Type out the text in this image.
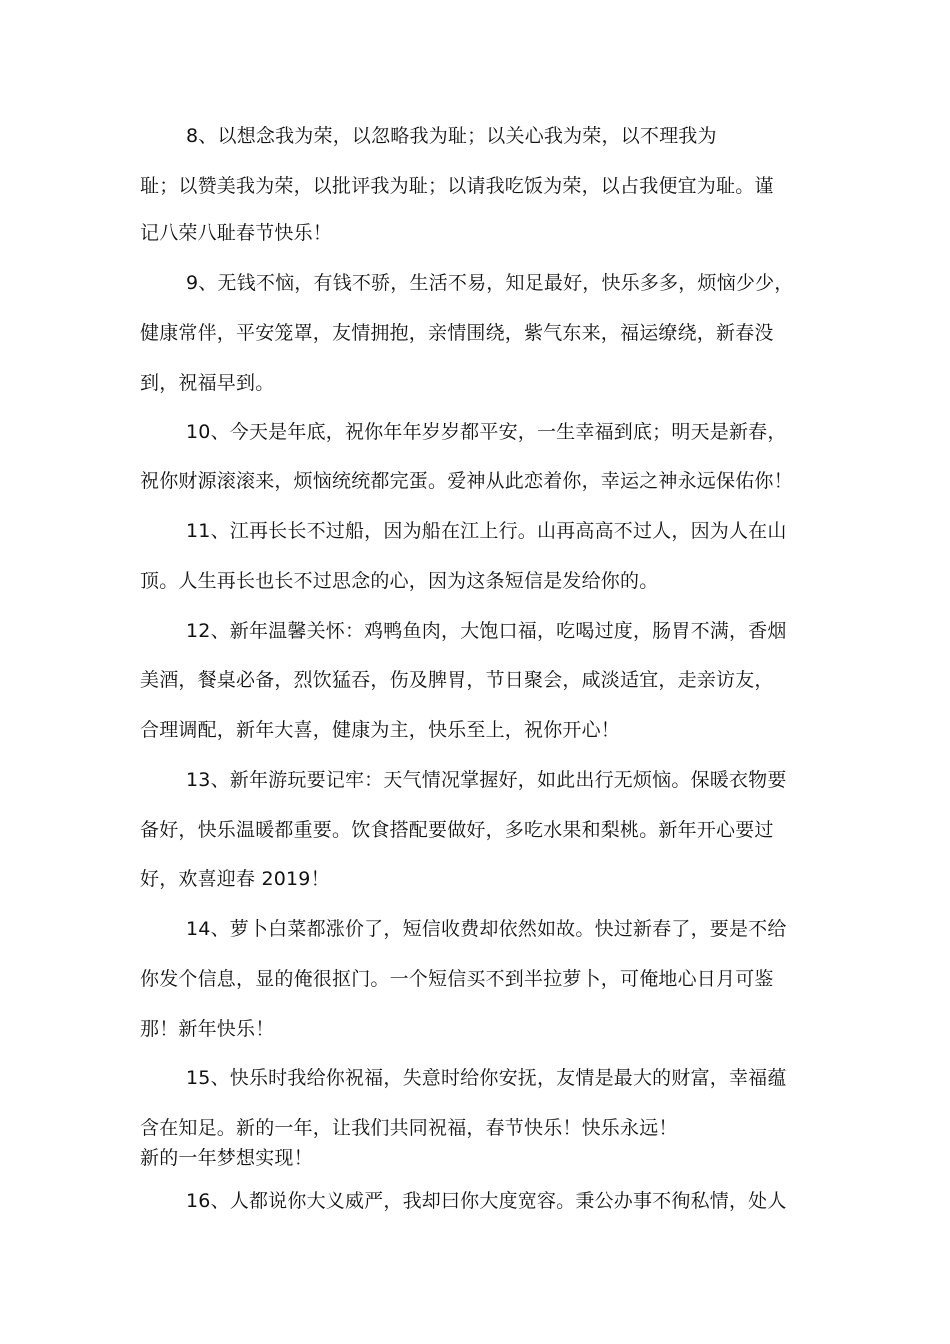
8、以想念我为荣，以忽略我为耻；以关心我为荣，以不理我为
耻；以赞美我为荣，以批评我为耻；以请我吃饭为荣，以占我便宜为耻。谨
记八荣八耻春节快乐！
9、无钱不恼，有钱不骄，生活不易，知足最好，快乐多多，烦恼少少，
健康常伴，平安笼罩，友情拥抱，亲情围绕，紫气东来，福运缭绕，新春没
到，祝福早到。
10、今天是年底，祝你年年岁岁都平安，一生幸福到底；明天是新春，
祝你财源滚滚来，烦恼统统都完蛋。爱神从此恋着你，幸运之神永远保佑你！
11、江再长长不过船，因为船在江上行。山再高高不过人，因为人在山
顶。人生再长也长不过思念的心，因为这条短信是发给你的。
12、新年温馨关怀：鸡鸭鱼肉，大饱口福，吃喝过度，肠胃不满，香烟
美酒，餐桌必备，烈饮猛吞，伤及脾胃，节日聚会，咸淡适宜，走亲访友，
合理调配，新年大喜，健康为主，快乐至上，祝你开心！
13、新年游玩要记牢：天气情况掌握好，如此出行无烦恼。保暖衣物要
备好，快乐温暖都重要。饮食搭配要做好，多吃水果和梨桃。新年开心要过
好，欢喜迎春 2019！
14、萝卜白菜都涨价了，短信收费却依然如故。快过新春了，要是不给
你发个信息，显的俺很抠门。一个短信买不到半拉萝卜，可俺地心日月可鉴
那！新年快乐！
15、快乐时我给你祝福，失意时给你安抚，友情是最大的财富，幸福蕴
含在知足。新的一年，让我们共同祝福，春节快乐！快乐永远！
新的一年梦想实现！
16、人都说你大义威严，我却曰你大度宽容。秉公办事不徇私情，处人
